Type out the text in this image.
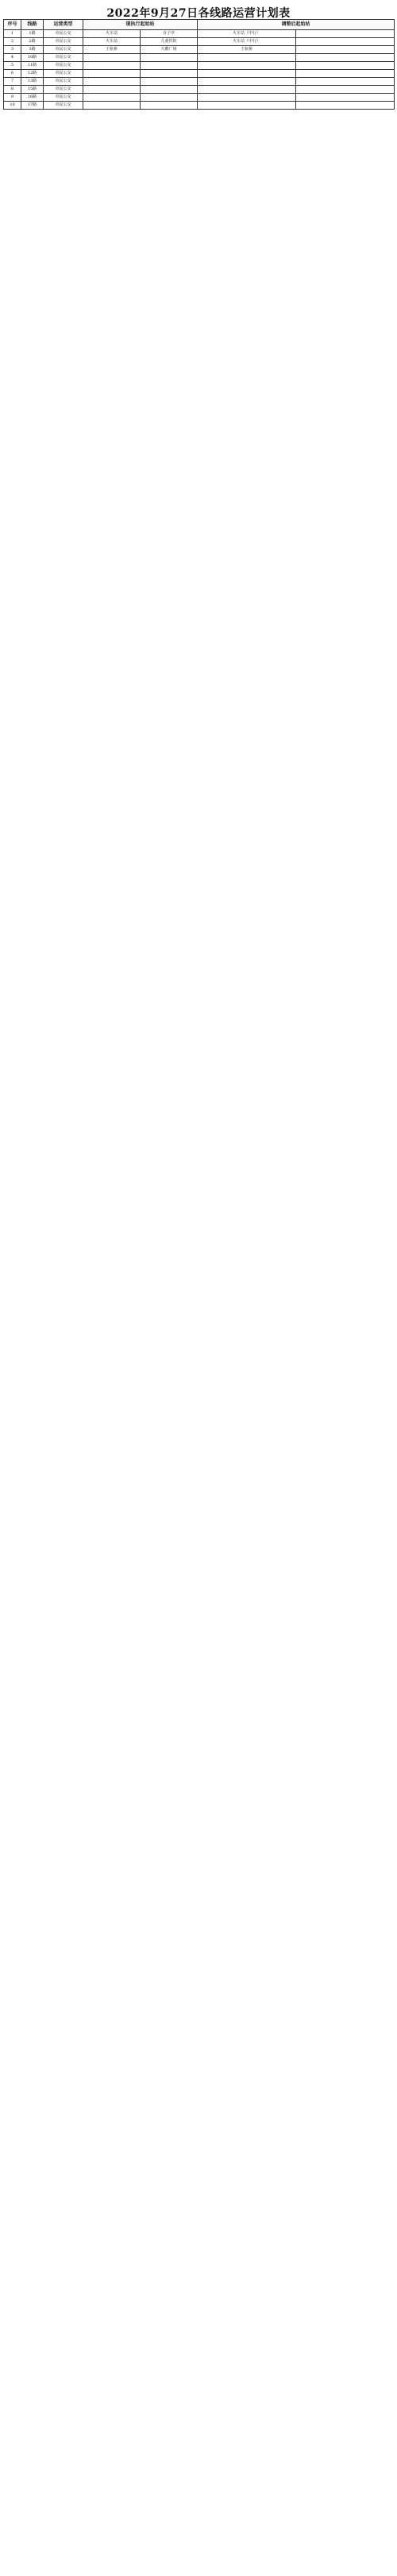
2022年9月27日各线路运营计划表
序号	线路	运营类型	现执行起始站		调整后起始站	
1	1路	市民公交	火车站	百子亭	火车站（中行）	
2	2路	市民公交	火车站	儿童医院	火车站（中行）	
3	3路	市民公交	王杭桥	天鹅广场	王杭桥	
4	10路	市民公交				
5	11路	市民公交				
6	12路	市民公交				
7	13路	市民公交				
8	15路	市民公交				
9	16路	市民公交				
10	17路	市民公交				
